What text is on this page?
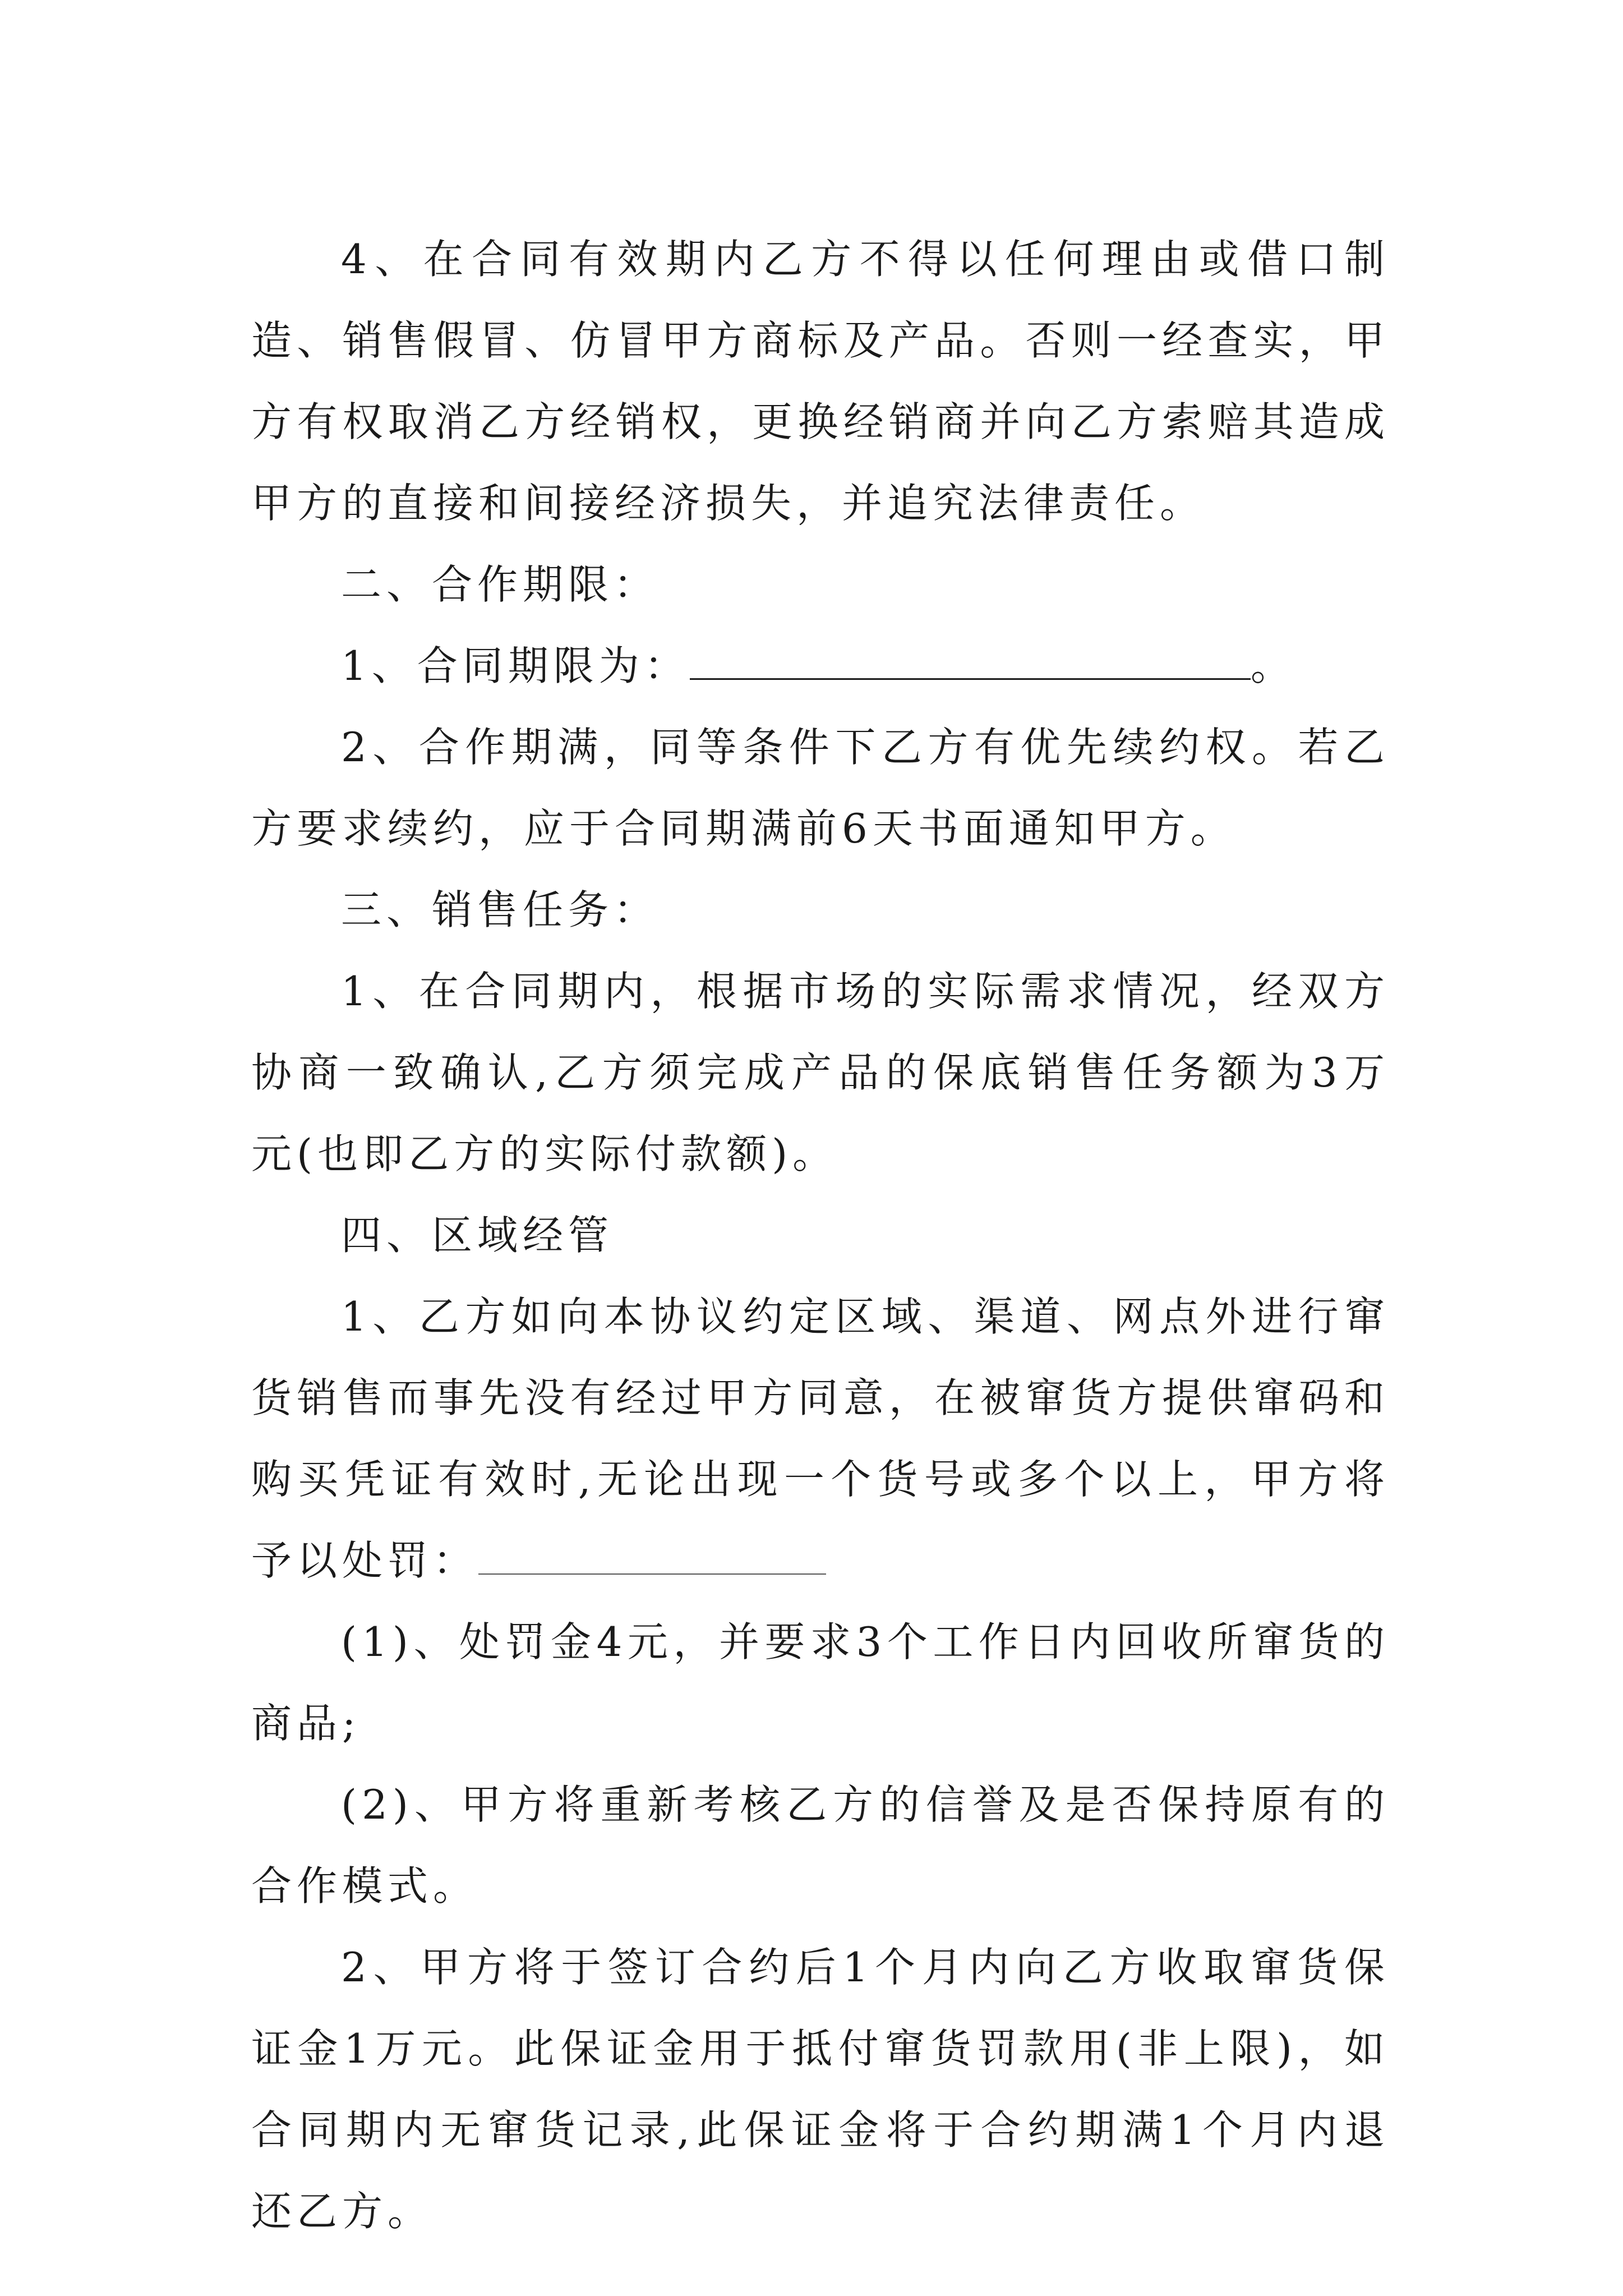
4、在合同有效期内乙方不得以任何理由或借口制造、销售假冒、仿冒甲方商标及产品。否则一经查实，甲方有权取消乙方经销权，更换经销商并向乙方索赔其造成甲方的直接和间接经济损失，并追究法律责任。

二、合作期限：

1、合同期限为：	。

2、合作期满，同等条件下乙方有优先续约权。若乙方要求续约，应于合同期满前6天书面通知甲方。

三、销售任务：

1、在合同期内，根据市场的实际需求情况，经双方协商一致确认,乙方须完成产品的保底销售任务额为3万元(也即乙方的实际付款额)。

四、区域经管

1、乙方如向本协议约定区域、渠道、网点外进行窜货销售而事先没有经过甲方同意，在被窜货方提供窜码和购买凭证有效时,无论出现一个货号或多个以上，甲方将予以处罚：

(1)、处罚金4元，并要求3个工作日内回收所窜货的商品;

(2)、甲方将重新考核乙方的信誉及是否保持原有的合作模式。

2、甲方将于签订合约后1个月内向乙方收取窜货保证金1万元。此保证金用于抵付窜货罚款用(非上限)，如合同期内无窜货记录,此保证金将于合约期满1个月内退还乙方。
